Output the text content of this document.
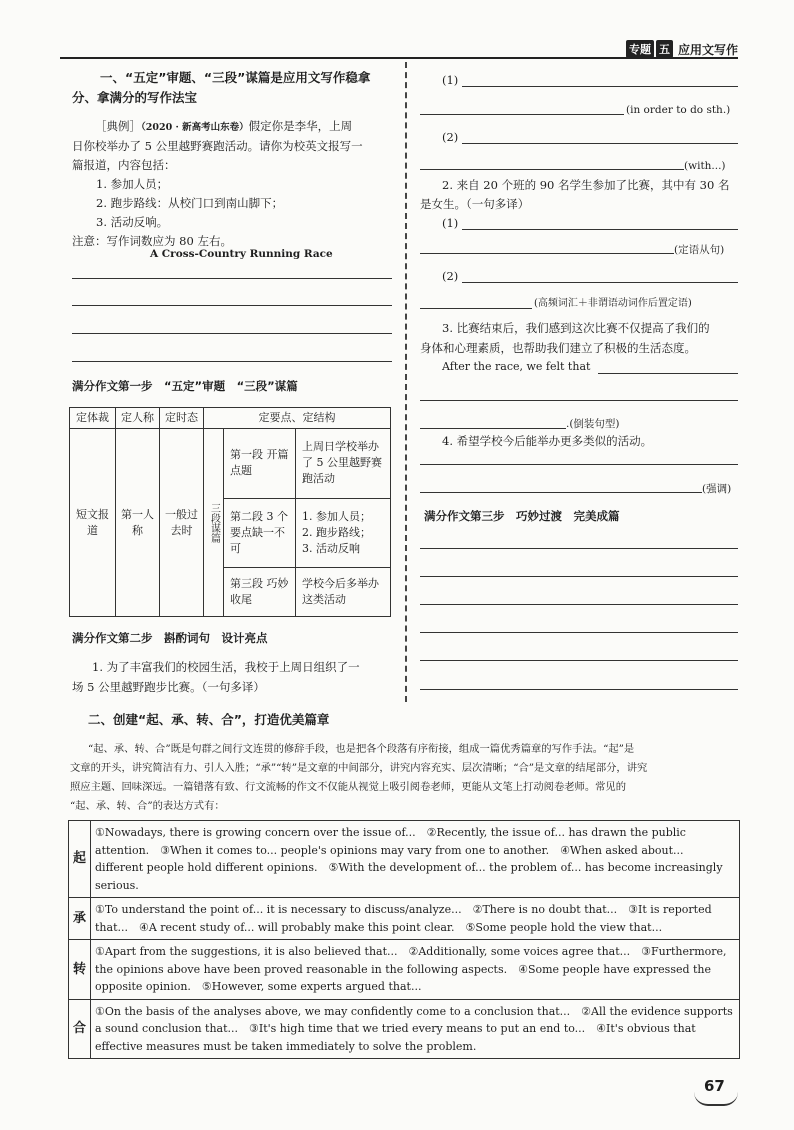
专题 五 应用文写作
一、“五定”审题、“三段”谋篇是应用文写作稳拿
分、拿满分的写作法宝
［典例］（2020 · 新高考山东卷）假定你是李华，上周
日你校举办了 5 公里越野赛跑活动。请你为校英文报写一
篇报道，内容包括：
1. 参加人员；
2. 跑步路线：从校门口到南山脚下；
3. 活动反响。
注意：写作词数应为 80 左右。
A Cross-Country Running Race
满分作文第一步　“五定”审题　“三段”谋篇
定体裁	定人称	定时态	定要点、定结构		
短文报道	第一人称	一般过去时	三段谋篇	第一段 开篇点题	上周日学校举办了 5 公里越野赛跑活动
				第二段 3 个要点缺一不可	1. 参加人员；
2. 跑步路线；
3. 活动反响
				第三段 巧妙收尾	学校今后多举办这类活动
满分作文第二步　斟酌词句　设计亮点
1. 为了丰富我们的校园生活，我校于上周日组织了一
场 5 公里越野跑步比赛。（一句多译）
(1)
(in order to do sth.)
(2)
(with...)
2. 来自 20 个班的 90 名学生参加了比赛，其中有 30 名
是女生。（一句多译）
(1)
(定语从句)
(2)
(高频词汇＋非谓语动词作后置定语)
3. 比赛结束后，我们感到这次比赛不仅提高了我们的
身体和心理素质，也帮助我们建立了积极的生活态度。
After the race, we felt that
.(倒装句型)
4. 希望学校今后能举办更多类似的活动。
(强调)
满分作文第三步　巧妙过渡　完美成篇
二、创建“起、承、转、合”，打造优美篇章
“起、承、转、合”既是句群之间行文连贯的修辞手段，也是把各个段落有序衔接，组成一篇优秀篇章的写作手法。“起”是
文章的开头，讲究简洁有力、引人入胜；“承”“转”是文章的中间部分，讲究内容充实、层次清晰；“合”是文章的结尾部分，讲究
照应主题、回味深远。一篇错落有致、行文流畅的作文不仅能从视觉上吸引阅卷老师，更能从文笔上打动阅卷老师。常见的
“起、承、转、合”的表达方式有：
起	①Nowadays, there is growing concern over the issue of...　②Recently, the issue of... has drawn the public attention.　③When it comes to... people's opinions may vary from one to another.　④When asked about... different people hold different opinions.　⑤With the development of... the problem of... has become increasingly serious.
承	①To understand the point of... it is necessary to discuss/analyze...　②There is no doubt that...　③It is reported that...　④A recent study of... will probably make this point clear.　⑤Some people hold the view that...
转	①Apart from the suggestions, it is also believed that...　②Additionally, some voices agree that...　③Furthermore, the opinions above have been proved reasonable in the following aspects.　④Some people have expressed the opposite opinion.　⑤However, some experts argued that...
合	①On the basis of the analyses above, we may confidently come to a conclusion that...　②All the evidence supports a sound conclusion that...　③It's high time that we tried every means to put an end to...　④It's obvious that effective measures must be taken immediately to solve the problem.
67
